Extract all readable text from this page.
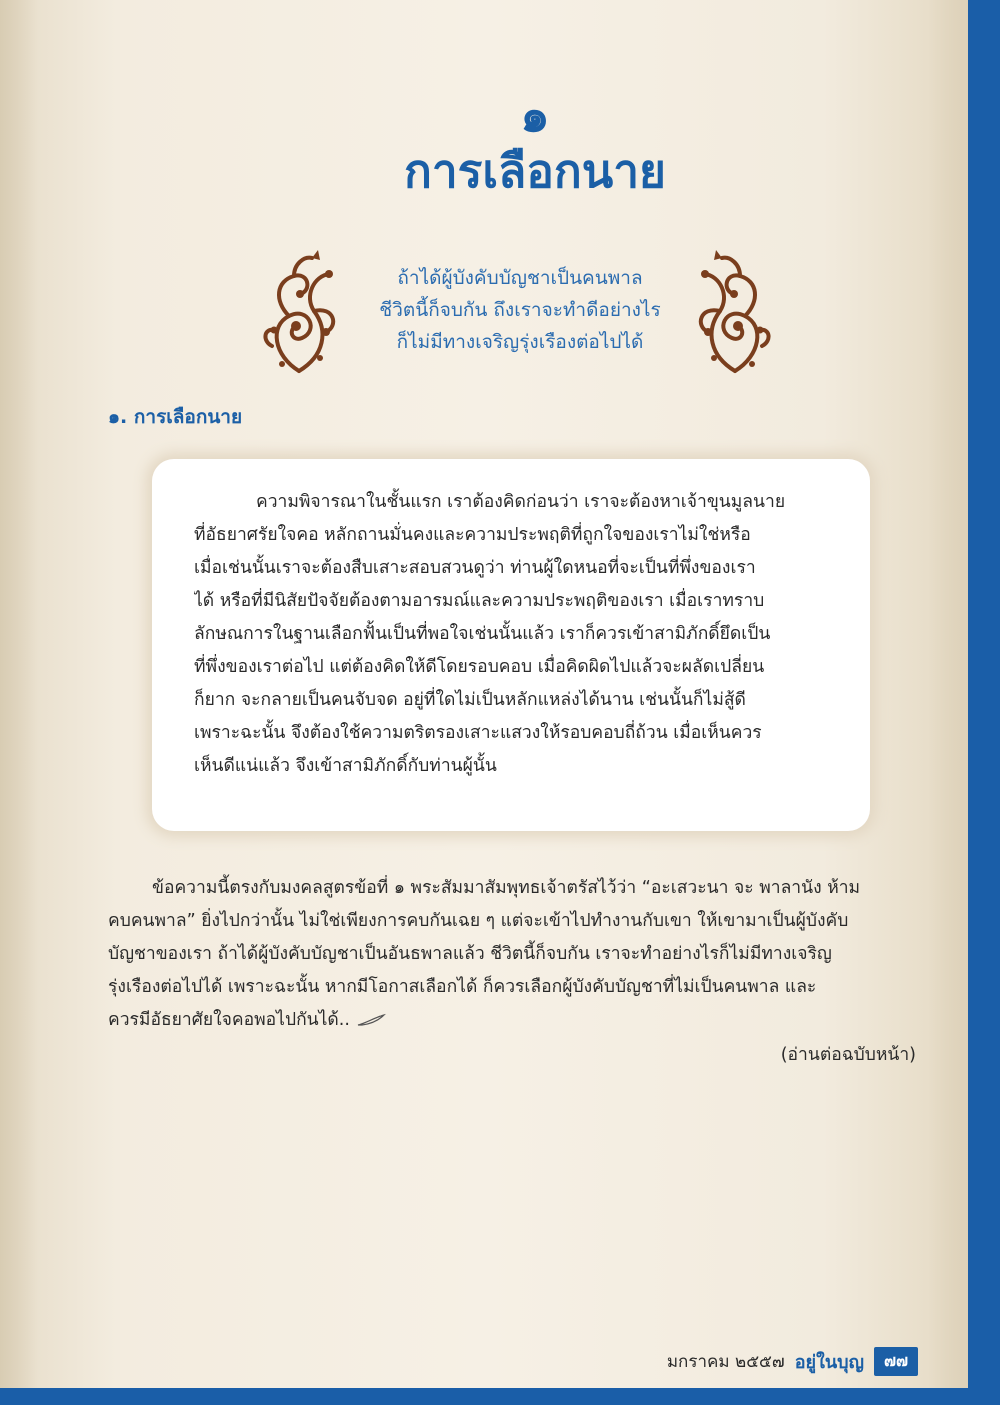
๑
การเลือกนาย
ถ้าได้ผู้บังคับบัญชาเป็นคนพาล
ชีวิตนี้ก็จบกัน ถึงเราจะทำดีอย่างไร
ก็ไม่มีทางเจริญรุ่งเรืองต่อไปได้
๑. การเลือกนาย
ความพิจารณาในชั้นแรก เราต้องคิดก่อนว่า เราจะต้องหาเจ้าขุนมูลนาย
ที่อัธยาศรัยใจคอ หลักถานมั่นคงและความประพฤติที่ถูกใจของเราไม่ใช่หรือ
เมื่อเช่นนั้นเราจะต้องสืบเสาะสอบสวนดูว่า ท่านผู้ใดหนอที่จะเป็นที่พึ่งของเรา
ได้ หรือที่มีนิสัยปัจจัยต้องตามอารมณ์และความประพฤติของเรา เมื่อเราทราบ
ลักษณการในฐานเลือกฟั้นเป็นที่พอใจเช่นนั้นแล้ว เราก็ควรเข้าสามิภักดิ์ยึดเป็น
ที่พึ่งของเราต่อไป แต่ต้องคิดให้ดีโดยรอบคอบ เมื่อคิดผิดไปแล้วจะผลัดเปลี่ยน
ก็ยาก จะกลายเป็นคนจับจด อยู่ที่ใดไม่เป็นหลักแหล่งได้นาน เช่นนั้นก็ไม่สู้ดี
เพราะฉะนั้น จึงต้องใช้ความตริตรองเสาะแสวงให้รอบคอบถี่ถ้วน เมื่อเห็นควร
เห็นดีแน่แล้ว จึงเข้าสามิภักดิ์กับท่านผู้นั้น
ข้อความนี้ตรงกับมงคลสูตรข้อที่ ๑ พระสัมมาสัมพุทธเจ้าตรัสไว้ว่า “อะเสวะนา จะ พาลานัง ห้าม
คบคนพาล” ยิ่งไปกว่านั้น ไม่ใช่เพียงการคบกันเฉย ๆ แต่จะเข้าไปทำงานกับเขา ให้เขามาเป็นผู้บังคับ
บัญชาของเรา ถ้าได้ผู้บังคับบัญชาเป็นอันธพาลแล้ว ชีวิตนี้ก็จบกัน เราจะทำอย่างไรก็ไม่มีทางเจริญ
รุ่งเรืองต่อไปได้ เพราะฉะนั้น หากมีโอกาสเลือกได้ ก็ควรเลือกผู้บังคับบัญชาที่ไม่เป็นคนพาล และ
ควรมีอัธยาศัยใจคอพอไปกันได้..
(อ่านต่อฉบับหน้า)
มกราคม ๒๕๕๗ อยู่ในบุญ	๗๗
